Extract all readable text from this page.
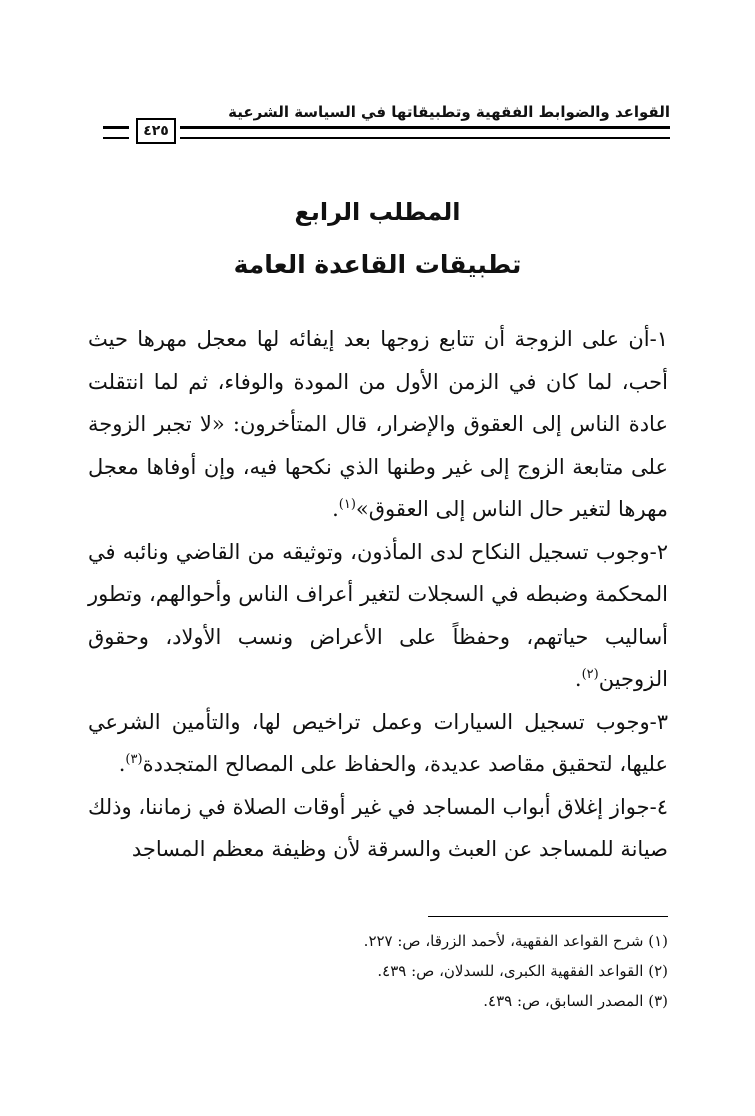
القواعد والضوابط الفقهية وتطبيقاتها في السياسة الشرعية
٤٢٥
المطلب الرابع
تطبيقات القاعدة العامة

١-أن على الزوجة أن تتابع زوجها بعد إيفائه لها معجل مهرها حيث أحب، لما كان في الزمن الأول من المودة والوفاء، ثم لما انتقلت عادة الناس إلى العقوق والإضرار، قال المتأخرون: «لا تجبر الزوجة على متابعة الزوج إلى غير وطنها الذي نكحها فيه، وإن أوفاها معجل مهرها لتغير حال الناس إلى العقوق»$^{(١)}$.

٢-وجوب تسجيل النكاح لدى المأذون، وتوثيقه من القاضي ونائبه في المحكمة وضبطه في السجلات لتغير أعراف الناس وأحوالهم، وتطور أساليب حياتهم، وحفظاً على الأعراض ونسب الأولاد، وحقوق الزوجين$^{(٢)}$.

٣-وجوب تسجيل السيارات وعمل تراخيص لها، والتأمين الشرعي عليها، لتحقيق مقاصد عديدة، والحفاظ على المصالح المتجددة$^{(٣)}$.

٤-جواز إغلاق أبواب المساجد في غير أوقات الصلاة في زماننا، وذلك صيانة للمساجد عن العبث والسرقة لأن وظيفة معظم المساجد

(١) شرح القواعد الفقهية، لأحمد الزرقا، ص: ٢٢٧.
(٢) القواعد الفقهية الكبرى، للسدلان، ص: ٤٣٩.
(٣) المصدر السابق، ص: ٤٣٩.
